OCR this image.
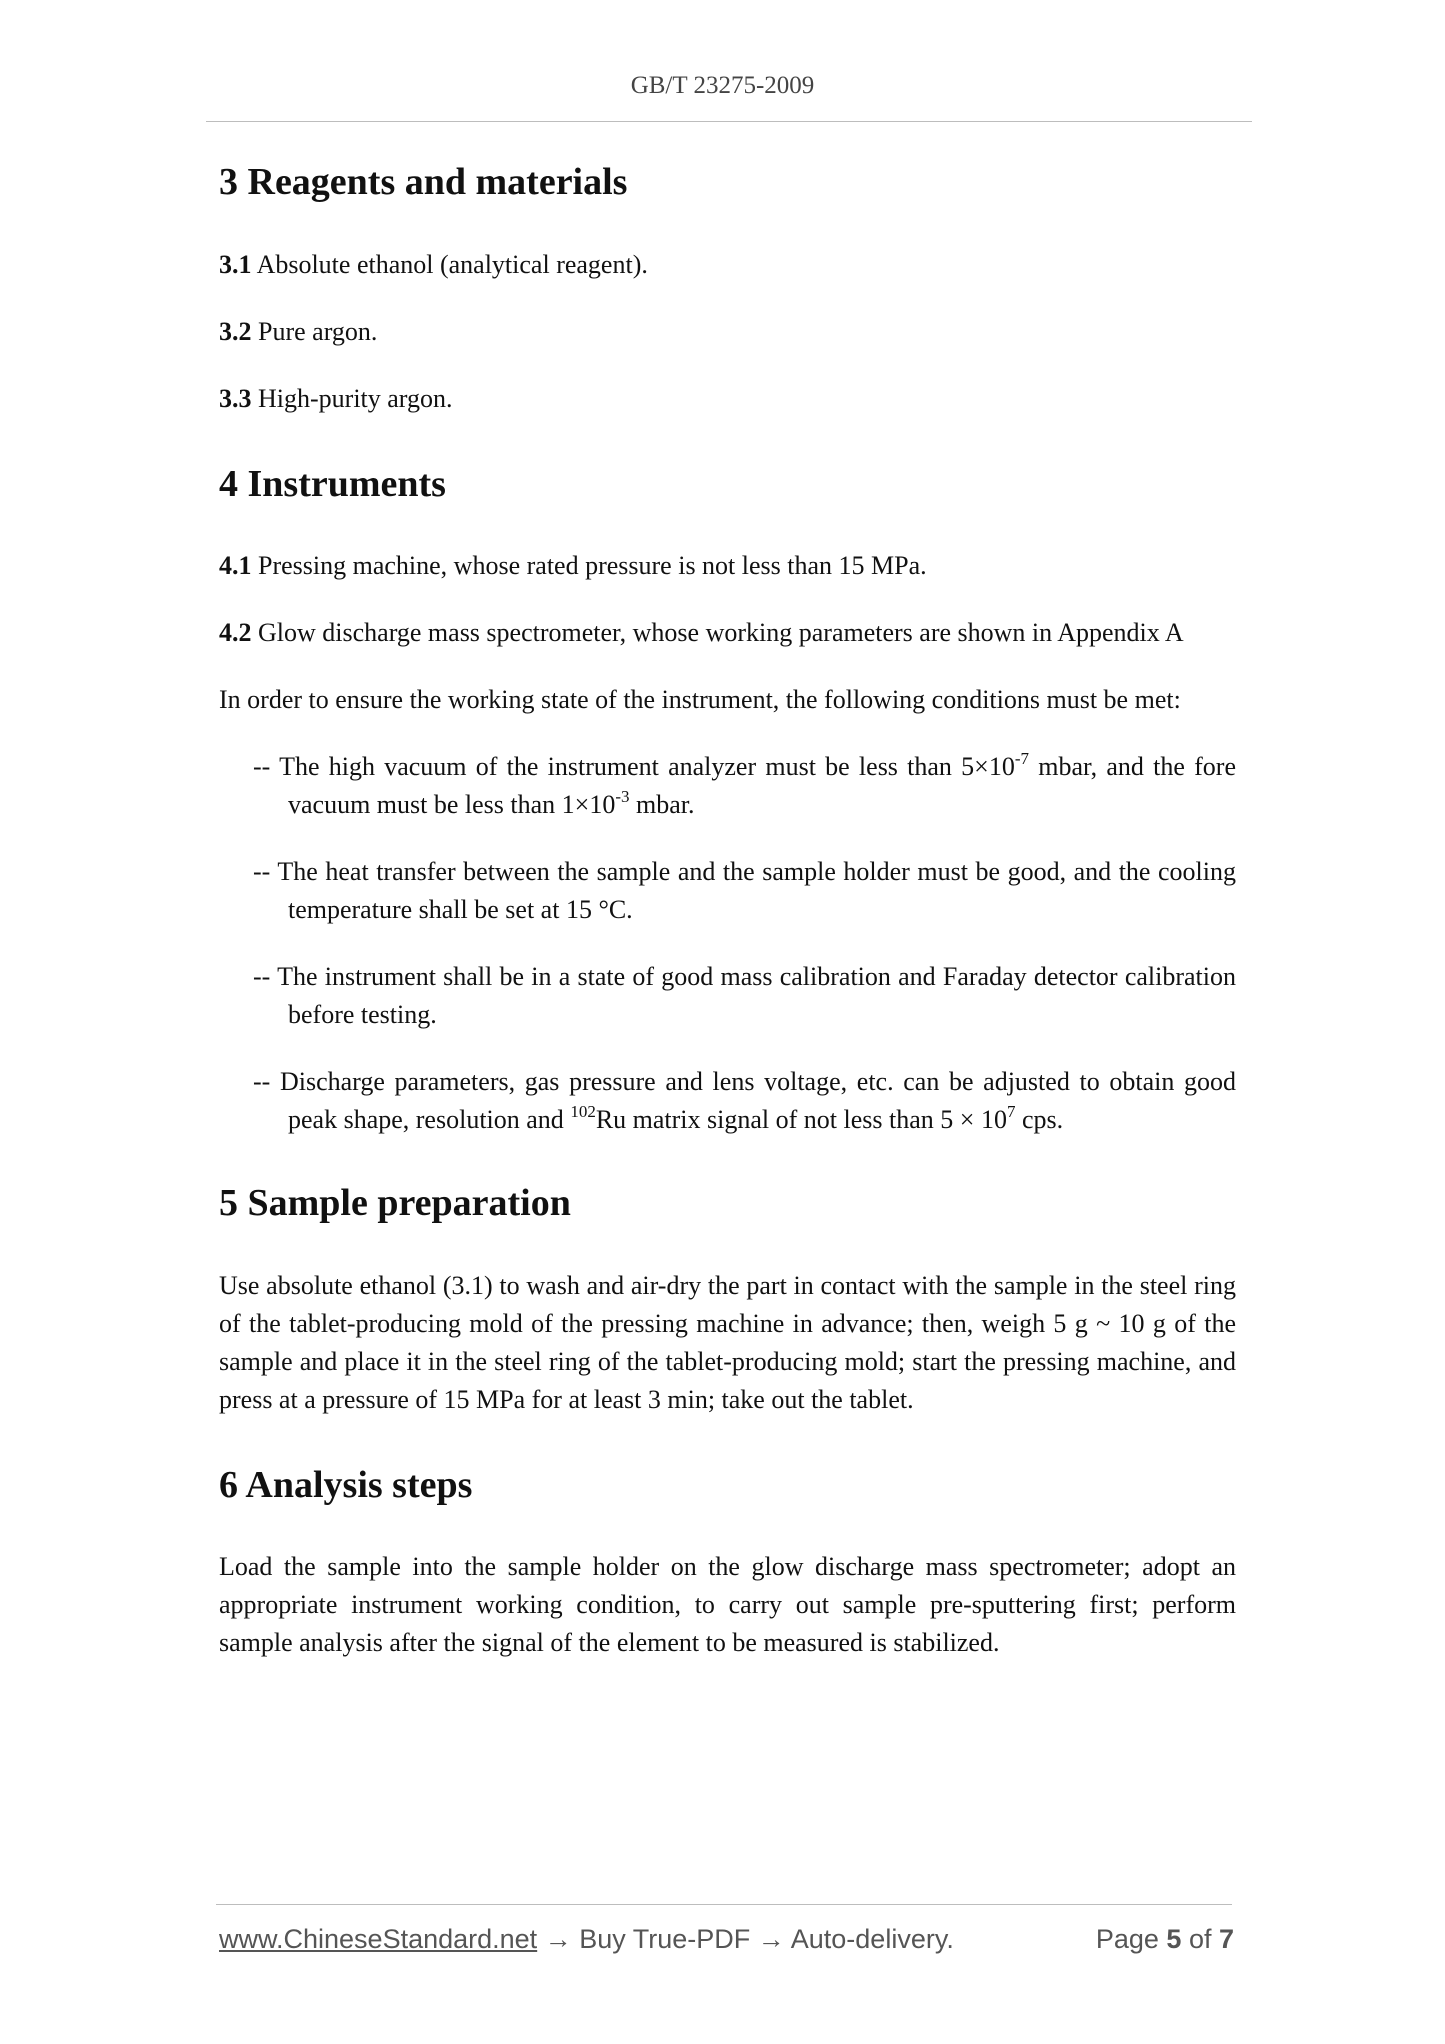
GB/T 23275-2009
3 Reagents and materials

3.1 Absolute ethanol (analytical reagent).

3.2 Pure argon.

3.3 High-purity argon.

4 Instruments

4.1 Pressing machine, whose rated pressure is not less than 15 MPa.

4.2 Glow discharge mass spectrometer, whose working parameters are shown in Appendix A

In order to ensure the working state of the instrument, the following conditions must be met:

-- The high vacuum of the instrument analyzer must be less than $5\times 10^{-7}$ mbar, and the fore vacuum must be less than $1\times 10^{-3}$ mbar.

-- The heat transfer between the sample and the sample holder must be good, and the cooling temperature shall be set at 15 °C.

-- The instrument shall be in a state of good mass calibration and Faraday detector calibration before testing.

-- Discharge parameters, gas pressure and lens voltage, etc. can be adjusted to obtain good peak shape, resolution and $^{102}$Ru matrix signal of not less than $5 \times 10^7$ cps.

5 Sample preparation

Use absolute ethanol (3.1) to wash and air-dry the part in contact with the sample in the steel ring of the tablet-producing mold of the pressing machine in advance; then, weigh 5 g ~ 10 g of the sample and place it in the steel ring of the tablet-producing mold; start the pressing machine, and press at a pressure of 15 MPa for at least 3 min; take out the tablet.

6 Analysis steps

Load the sample into the sample holder on the glow discharge mass spectrometer; adopt an appropriate instrument working condition, to carry out sample pre-sputtering first; perform sample analysis after the signal of the element to be measured is stabilized.

www.ChineseStandard.net → Buy True-PDF → Auto-delivery.	Page 5 of 7
